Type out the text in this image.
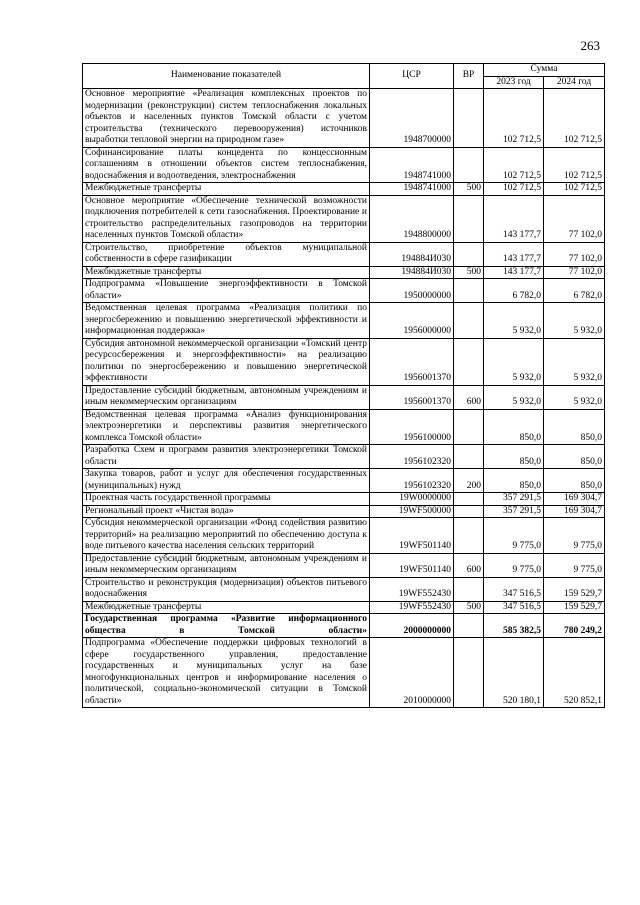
263
Наименование показателей	ЦСР	ВР	Сумма	
			2023 год	2024 год
Основное мероприятие «Реализация комплексных проектов по модернизации (реконструкции) систем теплоснабжения локальных объектов и населенных пунктов Томской области с учетом строительства (технического перевооружения) источников выработки тепловой энергии на природном газе»	1948700000		102 712,5	102 712,5
Софинансирование платы концедента по концессионным соглашениям в отношении объектов систем теплоснабжения, водоснабжения и водоотведения, электроснабжения	1948741000		102 712,5	102 712,5
Межбюджетные трансферты	1948741000	500	102 712,5	102 712,5
Основное мероприятие «Обеспечение технической возможности подключения потребителей к сети газоснабжения. Проектирование и строительство распределительных газопроводов на территории населенных пунктов Томской области»	1948800000		143 177,7	77 102,0
Строительство, приобретение объектов муниципальной собственности в сфере газификации	194884И030		143 177,7	77 102,0
Межбюджетные трансферты	194884И030	500	143 177,7	77 102,0
Подпрограмма «Повышение энергоэффективности в Томской области»	1950000000		6 782,0	6 782,0
Ведомственная целевая программа «Реализация политики по энергосбережению и повышению энергетической эффективности и информационная поддержка»	1956000000		5 932,0	5 932,0
Субсидия автономной некоммерческой организации «Томский центр ресурсосбережения и энергоэффективности» на реализацию политики по энергосбережению и повышению энергетической эффективности	1956001370		5 932,0	5 932,0
Предоставление субсидий бюджетным, автономным учреждениям и иным некоммерческим организациям	1956001370	600	5 932,0	5 932,0
Ведомственная целевая программа «Анализ функционирования электроэнергетики и перспективы развития энергетического комплекса Томской области»	1956100000		850,0	850,0
Разработка Схем и программ развития электроэнергетики Томской области	1956102320		850,0	850,0
Закупка товаров, работ и услуг для обеспечения государственных (муниципальных) нужд	1956102320	200	850,0	850,0
Проектная часть государственной программы	19W0000000		357 291,5	169 304,7
Региональный проект «Чистая вода»	19WF500000		357 291,5	169 304,7
Субсидия некоммерческой организации «Фонд содействия развитию территорий» на реализацию мероприятий по обеспечению доступа к воде питьевого качества населения сельских территорий	19WF501140		9 775,0	9 775,0
Предоставление субсидий бюджетным, автономным учреждениям и иным некоммерческим организациям	19WF501140	600	9 775,0	9 775,0
Строительство и реконструкция (модернизация) объектов питьевого водоснабжения	19WF552430		347 516,5	159 529,7
Межбюджетные трансферты	19WF552430	500	347 516,5	159 529,7
Государственная программа «Развитие информационного общества в Томской области»	2000000000		585 382,5	780 249,2
Подпрограмма «Обеспечение поддержки цифровых технологий в сфере государственного управления, предоставление государственных и муниципальных услуг на базе многофункциональных центров и информирование населения о политической, социально-экономической ситуации в Томской области»	2010000000		520 180,1	520 852,1
